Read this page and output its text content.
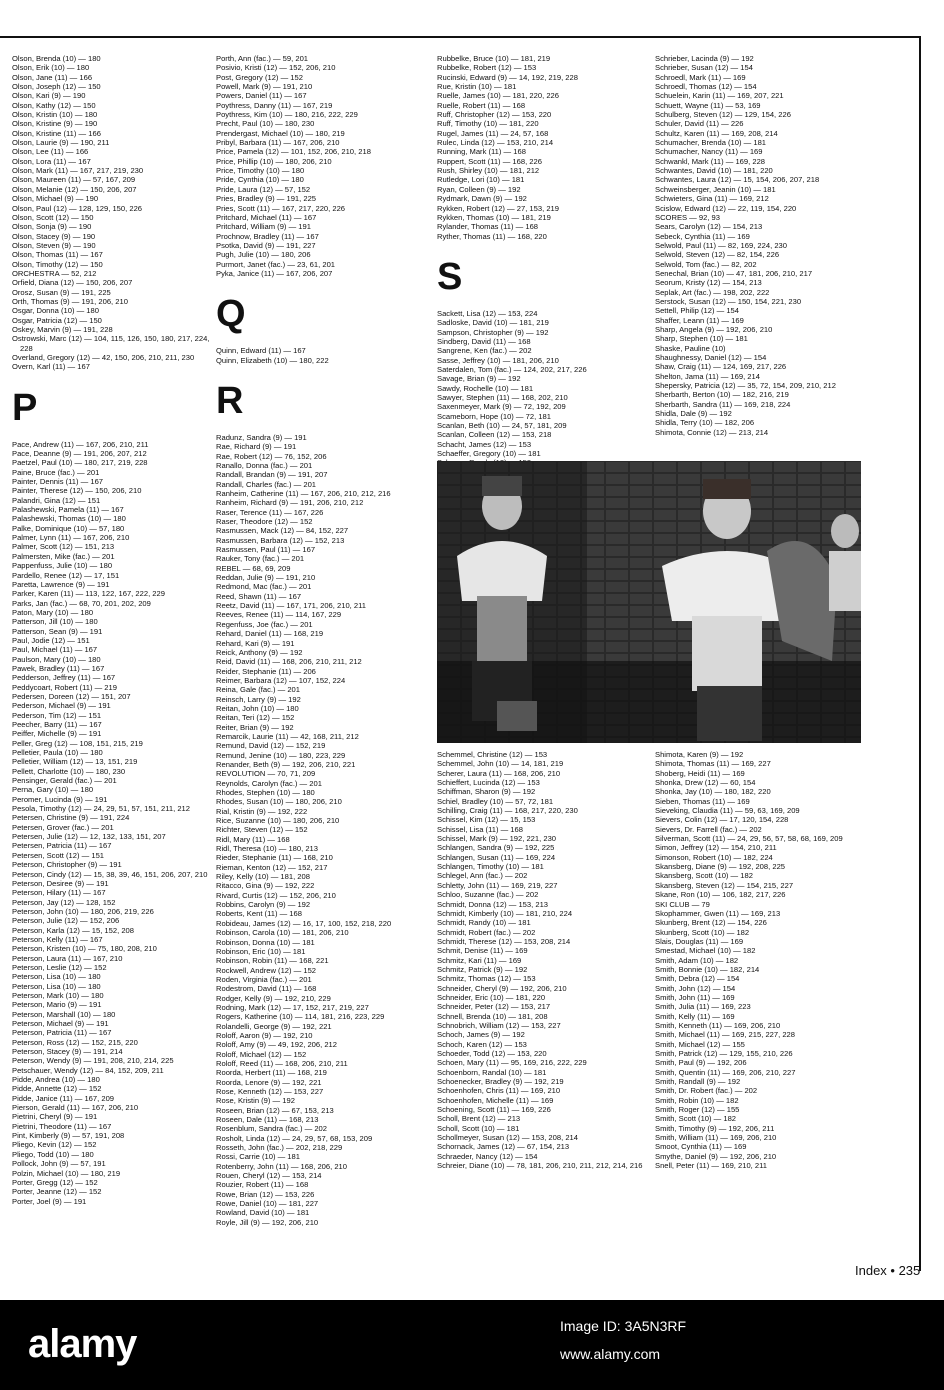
Olson, Brenda (10) — 180
Olson, Erik (10) — 180
Olson, Jane (11) — 166
Olson, Joseph (12) — 150
Olson, Kari (9) — 190
Olson, Kathy (12) — 150
Olson, Kristin (10) — 180
Olson, Kristine (9) — 190
Olson, Kristine (11) — 166
Olson, Laurie (9) — 190, 211
Olson, Lee (11) — 166
Olson, Lora (11) — 167
Olson, Mark (11) — 167, 217, 219, 230
Olson, Maureen (11) — 57, 167, 209
Olson, Melanie (12) — 150, 206, 207
Olson, Michael (9) — 190
Olson, Paul (12) — 128, 129, 150, 226
Olson, Scott (12) — 150
Olson, Sonja (9) — 190
Olson, Stacey (9) — 190
Olson, Steven (9) — 190
Olson, Thomas (11) — 167
Olson, Timothy (12) — 150
ORCHESTRA — 52, 212
Orfield, Diana (12) — 150, 206, 207
Orosz, Susan (9) — 191, 225
Orth, Thomas (9) — 191, 206, 210
Osgar, Donna (10) — 180
Osgar, Patricia (12) — 150
Oskey, Marvin (9) — 191, 228
Ostrowski, Marc (12) — 104, 115, 126, 150, 180, 217, 224, 228
Overland, Gregory (12) — 42, 150, 206, 210, 211, 230
Overn, Karl (11) — 167
P
Pace, Andrew (11) — 167, 206, 210, 211
Pace, Deanne (9) — 191, 206, 207, 212
Paetzel, Paul (10) — 180, 217, 219, 228
Paine, Bruce (fac.) — 201
Painter, Dennis (11) — 167
Painter, Therese (12) — 150, 206, 210
Palandri, Gina (12) — 151
Palashewski, Pamela (11) — 167
Palashewski, Thomas (10) — 180
Palke, Dominique (10) — 57, 180
Palmer, Lynn (11) — 167, 206, 210
Palmer, Scott (12) — 151, 213
Palmersten, Mike (fac.) — 201
Pappenfuss, Julie (10) — 180
Pardello, Renee (12) — 17, 151
Paretta, Lawrence (9) — 191
Parker, Karen (11) — 113, 122, 167, 222, 229
Parks, Jan (fac.) — 68, 70, 201, 202, 209
Paton, Mary (10) — 180
Patterson, Jill (10) — 180
Patterson, Sean (9) — 191
Paul, Jodie (12) — 151
Paul, Michael (11) — 167
Paulson, Mary (10) — 180
Pawek, Bradley (11) — 167
Pedderson, Jeffrey (11) — 167
Peddycoart, Robert (11) — 219
Pedersen, Doreen (12) — 151, 207
Pederson, Michael (9) — 191
Pederson, Tim (12) — 151
Peecher, Barry (11) — 167
Peiffer, Michelle (9) — 191
Peller, Greg (12) — 108, 151, 215, 219
Pelletier, Paula (10) — 180
Pelletier, William (12) — 13, 151, 219
Pellett, Charlotte (10) — 180, 230
Pensinger, Gerald (fac.) — 201
Perna, Gary (10) — 180
Peromer, Lucinda (9) — 191
Pesola, Timothy (12) — 24, 29, 51, 57, 151, 211, 212
Petersen, Christine (9) — 191, 224
Petersen, Grover (fac.) — 201
Petersen, Julie (12) — 12, 132, 133, 151, 207
Petersen, Patricia (11) — 167
Petersen, Scott (12) — 151
Peterson, Christopher (9) — 191
Peterson, Cindy (12) — 15, 38, 39, 46, 151, 206, 207, 210
Peterson, Desiree (9) — 191
Peterson, Hilary (11) — 167
Peterson, Jay (12) — 128, 152
Peterson, John (10) — 180, 206, 219, 226
Peterson, Julie (12) — 152, 206
Peterson, Karla (12) — 15, 152, 208
Peterson, Kelly (11) — 167
Peterson, Kristen (10) — 75, 180, 208, 210
Peterson, Laura (11) — 167, 210
Peterson, Leslie (12) — 152
Peterson, Lisa (10) — 180
Peterson, Lisa (10) — 180
Peterson, Mark (10) — 180
Peterson, Mario (9) — 191
Peterson, Marshall (10) — 180
Peterson, Michael (9) — 191
Peterson, Patricia (11) — 167
Peterson, Ross (12) — 152, 215, 220
Peterson, Stacey (9) — 191, 214
Peterson, Wendy (9) — 191, 208, 210, 214, 225
Petschauer, Wendy (12) — 84, 152, 209, 211
Pidde, Andrea (10) — 180
Pidde, Annette (12) — 152
Pidde, Janice (11) — 167, 209
Pierson, Gerald (11) — 167, 206, 210
Pietrini, Cheryl (9) — 191
Pietrini, Theodore (11) — 167
Pint, Kimberly (9) — 57, 191, 208
Pliego, Kevin (12) — 152
Pliego, Todd (10) — 180
Pollock, John (9) — 57, 191
Polzin, Michael (10) — 180, 219
Porter, Gregg (12) — 152
Porter, Jeanne (12) — 152
Porter, Joel (9) — 191
Porth, Ann (fac.) — 59, 201
Posivio, Kristi (12) — 152, 206, 210
Post, Gregory (12) — 152
Powell, Mark (9) — 191, 210
Powers, Daniel (11) — 167
Poythress, Danny (11) — 167, 219
Poythress, Kim (10) — 180, 216, 222, 229
Precht, Paul (10) — 180, 230
Prendergast, Michael (10) — 180, 219
Pribyl, Barbara (11) — 167, 206, 210
Price, Pamela (12) — 101, 152, 206, 210, 218
Price, Phillip (10) — 180, 206, 210
Price, Timothy (10) — 180
Pride, Cynthia (10) — 180
Pride, Laura (12) — 57, 152
Pries, Bradley (9) — 191, 225
Pries, Scott (11) — 167, 217, 220, 226
Pritchard, Michael (11) — 167
Pritchard, William (9) — 191
Prochnow, Bradley (11) — 167
Psotka, David (9) — 191, 227
Pugh, Julie (10) — 180, 206
Purmort, Janet (fac.) — 23, 61, 201
Pyka, Janice (11) — 167, 206, 207
Q
Quinn, Edward (11) — 167
Quinn, Elizabeth (10) — 180, 222
R
Radunz, Sandra (9) — 191
Rae, Richard (9) — 191
Rae, Robert (12) — 76, 152, 206
Ranallo, Donna (fac.) — 201
Randall, Brandan (9) — 191, 207
Randall, Charles (fac.) — 201
Ranheim, Catherine (11) — 167, 206, 210, 212, 216
Ranheim, Richard (9) — 191, 206, 210, 212
Raser, Terence (11) — 167, 226
Raser, Theodore (12) — 152
Rasmussen, Mack (12) — 84, 152, 227
Rasmussen, Barbara (12) — 152, 213
Rasmussen, Paul (11) — 167
Rauker, Tony (fac.) — 201
REBEL — 68, 69, 209
Reddan, Julie (9) — 191, 210
Redmond, Mac (fac.) — 201
Reed, Shawn (11) — 167
Reetz, David (11) — 167, 171, 206, 210, 211
Reeves, Renee (11) — 114, 167, 229
Regenfuss, Joe (fac.) — 201
Rehard, Daniel (11) — 168, 219
Rehard, Kari (9) — 191
Reick, Anthony (9) — 192
Reid, David (11) — 168, 206, 210, 211, 212
Reider, Stephanie (11) — 206
Reimer, Barbara (12) — 107, 152, 224
Reina, Gale (fac.) — 201
Reinsch, Larry (9) — 192
Reitan, John (10) — 180
Reitan, Teri (12) — 152
Reiter, Brian (9) — 192
Remarcik, Laurie (11) — 42, 168, 211, 212
Remund, David (12) — 152, 219
Remund, Jenine (10) — 180, 223, 229
Renander, Beth (9) — 192, 206, 210, 221
REVOLUTION — 70, 71, 209
Reynolds, Carolyn (fac.) — 201
Rhodes, Stephen (10) — 180
Rhodes, Susan (10) — 180, 206, 210
Rial, Kristin (9) — 192, 222
Rice, Suzanne (10) — 180, 206, 210
Richter, Steven (12) — 152
Ridl, Mary (11) — 168
Ridl, Theresa (10) — 180, 213
Rieder, Stephanie (11) — 168, 210
Rieman, Kenton (12) — 152, 217
Riley, Kelly (10) — 181, 208
Ritacco, Gina (9) — 192, 222
Rivard, Curtis (12) — 152, 206, 210
Robbins, Carolyn (9) — 192
Roberts, Kent (11) — 168
Robideau, James (12) — 16, 17, 100, 152, 218, 220
Robinson, Carola (10) — 181, 206, 210
Robinson, Donna (10) — 181
Robinson, Eric (10) — 181
Robinson, Robin (11) — 168, 221
Rockwell, Andrew (12) — 152
Roden, Virginia (fac.) — 201
Rodestrom, David (11) — 168
Rodger, Kelly (9) — 192, 210, 229
Rodning, Mark (12) — 17, 152, 217, 219, 227
Rogers, Katherine (10) — 114, 181, 216, 223, 229
Rolandelli, George (9) — 192, 221
Roloff, Aaron (9) — 192, 210
Roloff, Amy (9) — 49, 192, 206, 212
Roloff, Michael (12) — 152
Roloff, Reed (11) — 168, 206, 210, 211
Roorda, Herbert (11) — 168, 219
Roorda, Lenore (9) — 192, 221
Rose, Kenneth (12) — 153, 227
Rose, Kristin (9) — 192
Roseen, Brian (12) — 67, 153, 213
Roseen, Dale (11) — 168, 213
Rosenblum, Sandra (fac.) — 202
Rosholt, Linda (12) — 24, 29, 57, 68, 153, 209
Rosseth, John (fac.) — 202, 218, 229
Rossi, Carrie (10) — 181
Rotenberry, John (11) — 168, 206, 210
Rouen, Cheryl (12) — 153, 214
Rouzier, Robert (11) — 168
Rowe, Brian (12) — 153, 226
Rowe, Daniel (10) — 181, 227
Rowland, David (10) — 181
Royle, Jill (9) — 192, 206, 210
Rubbelke, Bruce (10) — 181, 219
Rubbelke, Robert (12) — 153
Rucinski, Edward (9) — 14, 192, 219, 228
Rue, Kristin (10) — 181
Ruelle, James (10) — 181, 220, 226
Ruelle, Robert (11) — 168
Ruff, Christopher (12) — 153, 220
Ruff, Timothy (10) — 181, 220
Rugel, James (11) — 24, 57, 168
Rulec, Linda (12) — 153, 210, 214
Running, Mark (11) — 168
Ruppert, Scott (11) — 168, 226
Rush, Shirley (10) — 181, 212
Rutledge, Lori (10) — 181
Ryan, Colleen (9) — 192
Rydmark, Dawn (9) — 192
Rykken, Robert (12) — 27, 153, 219
Rykken, Thomas (10) — 181, 219
Rylander, Thomas (11) — 168
Ryther, Thomas (11) — 168, 220
S
Sackett, Lisa (12) — 153, 224
Sadloske, David (10) — 181, 219
Sampson, Christopher (9) — 192
Sindberg, David (11) — 168
Sangrene, Ken (fac.) — 202
Sasse, Jeffrey (10) — 181, 206, 210
Saterdalen, Tom (fac.) — 124, 202, 217, 226
Savage, Brian (9) — 192
Sawdy, Rochelle (10) — 181
Sawyer, Stephen (11) — 168, 202, 210
Saxenmeyer, Mark (9) — 72, 192, 209
Scameborn, Hope (10) — 72, 181
Scanlan, Beth (10) — 24, 57, 181, 209
Scanlan, Colleen (12) — 153, 218
Schacht, James (12) — 153
Schaeffer, Gregory (10) — 181
Schrieber, Lacinda (9) — 192
Schrieber, Susan (12) — 154
Schroedl, Mark (11) — 169
Schroedl, Thomas (12) — 154
Schuelein, Karin (11) — 169, 207, 221
Schuett, Wayne (11) — 53, 169
Schulberg, Steven (12) — 129, 154, 226
Schuler, David (11) — 226
Schultz, Karen (11) — 169, 208, 214
Schumacher, Brenda (10) — 181
Schumacher, Nancy (11) — 169
Schwankl, Mark (11) — 169, 228
Schwantes, David (10) — 181, 220
Schwantes, Laura (12) — 15, 154, 206, 207, 218
Schweinsberger, Jeanin (10) — 181
Schwieters, Gina (11) — 169, 212
Scislow, Edward (12) — 22, 119, 154, 220
SCORES — 92, 93
Sears, Carolyn (12) — 154, 213
Sebeck, Cynthia (11) — 169
Selwold, Paul (11) — 82, 169, 224, 230
Selwold, Steven (12) — 82, 154, 226
Selwold, Tom (fac.) — 82, 202
Senechal, Brian (10) — 47, 181, 206, 210, 217
Seorum, Kristy (12) — 154, 213
Seplak, Art (fac.) — 198, 202, 222
Serstock, Susan (12) — 150, 154, 221, 230
Settell, Philip (12) — 154
Shaffer, Leann (11) — 169
Sharp, Angela (9) — 192, 206, 210
Sharp, Stephen (10) — 181
Shaske, Pauline (10)
Shaughnessy, Daniel (12) — 154
Shaw, Craig (11) — 124, 169, 217, 226
Shelton, Jama (11) — 169, 214
Shepersky, Patricia (12) — 35, 72, 154, 209, 210, 212
Sherbarth, Berton (10) — 182, 216, 219
Sherbarth, Sandra (11) — 169, 218, 224
Shidla, Dale (9) — 192
Shidla, Terry (10) — 182, 206
Shimota, Connie (12) — 213, 214
Schemmel, Christine (12) — 153
Schemmel, John (10) — 14, 181, 219
Scherer, Laura (11) — 168, 206, 210
Schieffert, Lucinda (12) — 153
Schiffman, Sharon (9) — 192
Schiel, Bradley (10) — 57, 72, 181
Schilling, Craig (11) — 168, 217, 220, 230
Schissel, Kim (12) — 15, 153
Schissel, Lisa (11) — 168
Schissel, Mark (9) — 192, 221, 230
Schlangen, Sandra (9) — 192, 225
Schlangen, Susan (11) — 169, 224
Schlangen, Timothy (10) — 181
Schlegel, Ann (fac.) — 202
Schletty, John (11) — 169, 219, 227
Schloo, Suzanne (fac.) — 202
Schmidt, Donna (12) — 153, 213
Schmidt, Kimberly (10) — 181, 210, 224
Schmidt, Randy (10) — 181
Schmidt, Robert (fac.) — 202
Schmidt, Therese (12) — 153, 208, 214
Schmit, Denise (11) — 169
Schmitz, Kari (11) — 169
Schmitz, Patrick (9) — 192
Schmitz, Thomas (12) — 153
Schneider, Cheryl (9) — 192, 206, 210
Schneider, Eric (10) — 181, 220
Schneider, Peter (12) — 153, 217
Schnell, Brenda (10) — 181, 208
Schnobrich, William (12) — 153, 227
Schoch, James (9) — 192
Schoch, Karen (12) — 153
Schoeder, Todd (12) — 153, 220
Schoen, Mary (11) — 95, 169, 216, 222, 229
Schoenborn, Randal (10) — 181
Schoenecker, Bradley (9) — 192, 219
Schoenhofen, Chris (11) — 169, 210
Schoenhofen, Michelle (11) — 169
Schoening, Scott (11) — 169, 226
Scholl, Brent (12) — 213
Scholl, Scott (10) — 181
Schollmeyer, Susan (12) — 153, 208, 214
Schornack, James (12) — 67, 154, 213
Schraeder, Nancy (12) — 154
Schreier, Diane (10) — 78, 181, 206, 210, 211, 212, 214, 216
Shimota, Karen (9) — 192
Shimota, Thomas (11) — 169, 227
Shoberg, Heidi (11) — 169
Shonka, Drew (12) — 60, 154
Shonka, Jay (10) — 180, 182, 220
Sieben, Thomas (11) — 169
Sieveking, Claudia (11) — 59, 63, 169, 209
Sievers, Colin (12) — 17, 120, 154, 228
Sievers, Dr. Farrell (fac.) — 202
Silverman, Scott (11) — 24, 29, 56, 57, 58, 68, 169, 209
Simon, Jeffrey (12) — 154, 210, 211
Simonson, Robert (10) — 182, 224
Skansberg, Diane (9) — 192, 208, 225
Skansberg, Scott (10) — 182
Skansberg, Steven (12) — 154, 215, 227
Skane, Ron (10) — 106, 182, 217, 226
SKI CLUB — 79
Skophammer, Gwen (11) — 169, 213
Skunberg, Brent (12) — 154, 226
Skunberg, Scott (10) — 182
Slais, Douglas (11) — 169
Smestad, Michael (10) — 182
Smith, Adam (10) — 182
Smith, Bonnie (10) — 182, 214
Smith, Debra (12) — 154
Smith, John (12) — 154
Smith, John (11) — 169
Smith, Julia (11) — 169, 223
Smith, Kelly (11) — 169
Smith, Kenneth (11) — 169, 206, 210
Smith, Michael (11) — 169, 215, 227, 228
Smith, Michael (12) — 155
Smith, Patrick (12) — 129, 155, 210, 226
Smith, Paul (9) — 192, 206
Smith, Quentin (11) — 169, 206, 210, 227
Smith, Randall (9) — 192
Smith, Dr. Robert (fac.) — 202
Smith, Robin (10) — 182
Smith, Roger (12) — 155
Smith, Scott (10) — 182
Smith, Timothy (9) — 192, 206, 211
Smith, William (11) — 169, 206, 210
Smoot, Cynthia (11) — 169
Smythe, Daniel (9) — 192, 206, 210
Snell, Peter (11) — 169, 210, 211
Index • 235
alamy	Image ID: 3A5N3RF
www.alamy.com
